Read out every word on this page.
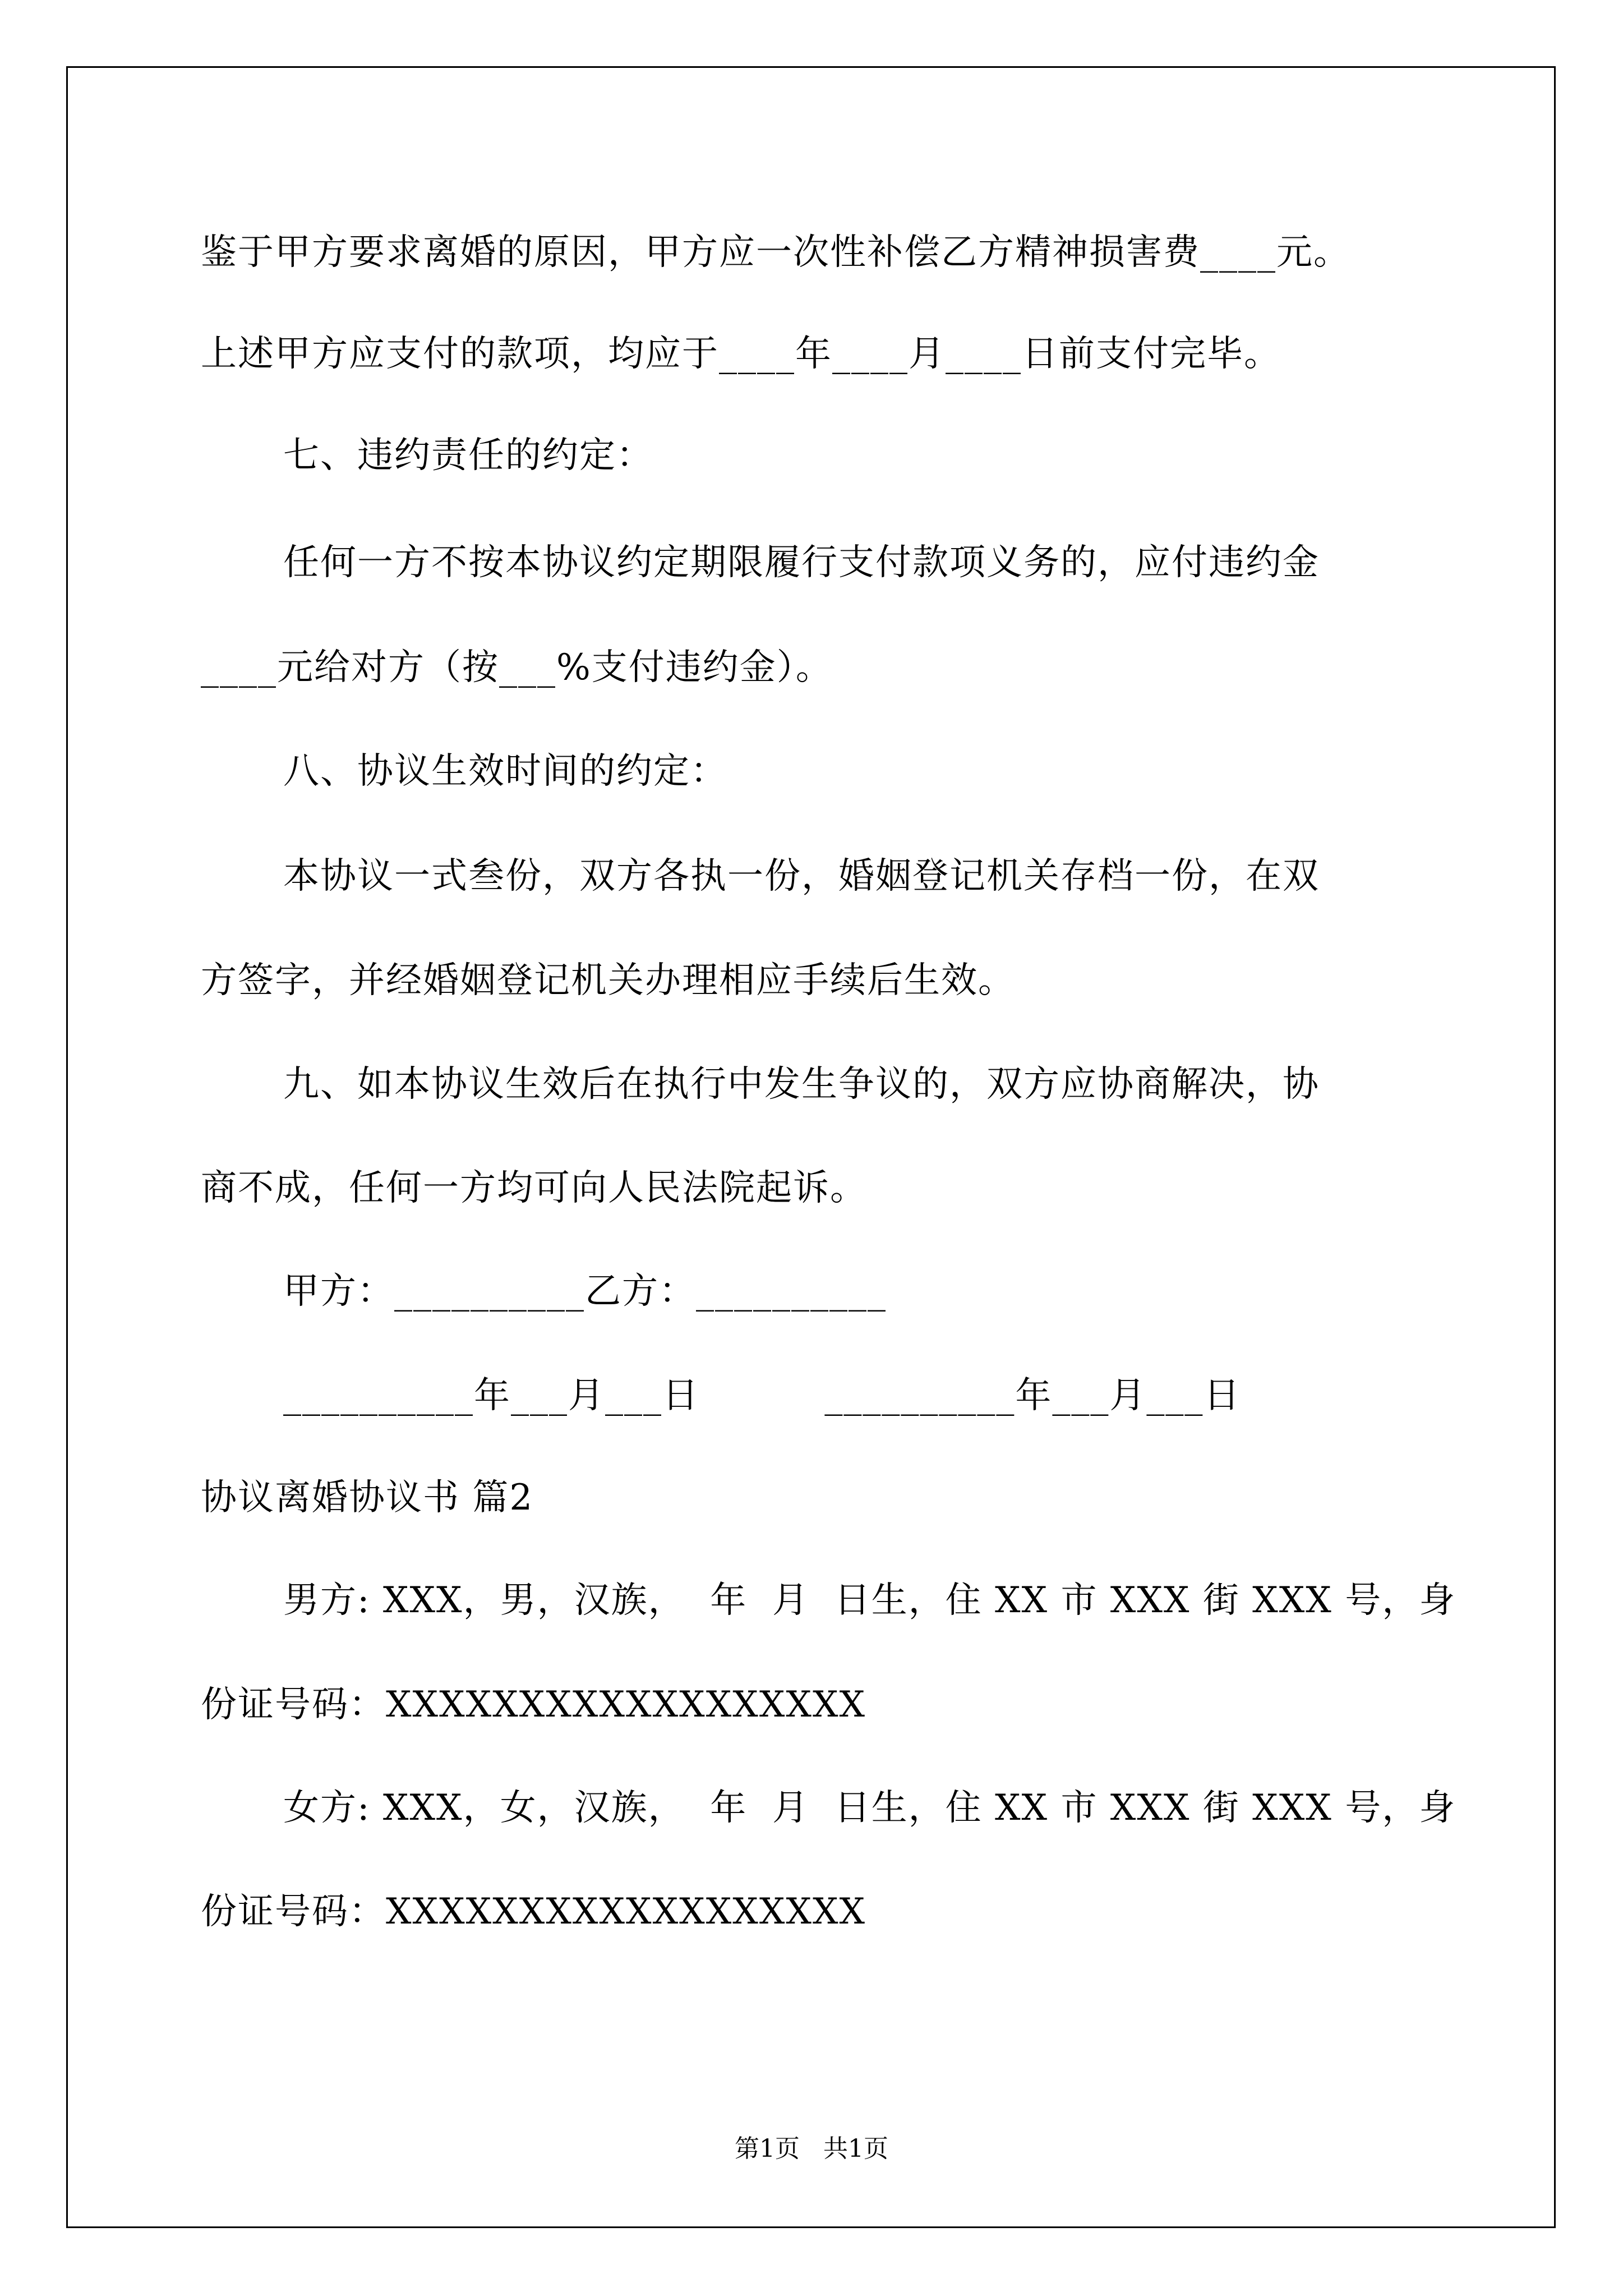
鉴于甲方要求离婚的原因，甲方应一次性补偿乙方精神损害费____元。
上述甲方应支付的款项，均应于____年____月____日前支付完毕。
七、违约责任的约定：
任何一方不按本协议约定期限履行支付款项义务的，应付违约金
____元给对方（按___%支付违约金）。
八、协议生效时间的约定：
本协议一式叁份，双方各执一份，婚姻登记机关存档一份，在双
方签字，并经婚姻登记机关办理相应手续后生效。
九、如本协议生效后在执行中发生争议的，双方应协商解决，协
商不成，任何一方均可向人民法院起诉。
甲方：__________乙方：__________
__________年___月___日          __________年___月___日
协议离婚协议书 篇2
男方: XXX，男，汉族，  年  月  日生，住 XX 市 XXX 街 XXX 号，身
份证号码：XXXXXXXXXXXXXXXXXX
女方: XXX，女，汉族，  年  月  日生，住 XX 市 XXX 街 XXX 号，身
份证号码：XXXXXXXXXXXXXXXXXX
第1页   共1页
